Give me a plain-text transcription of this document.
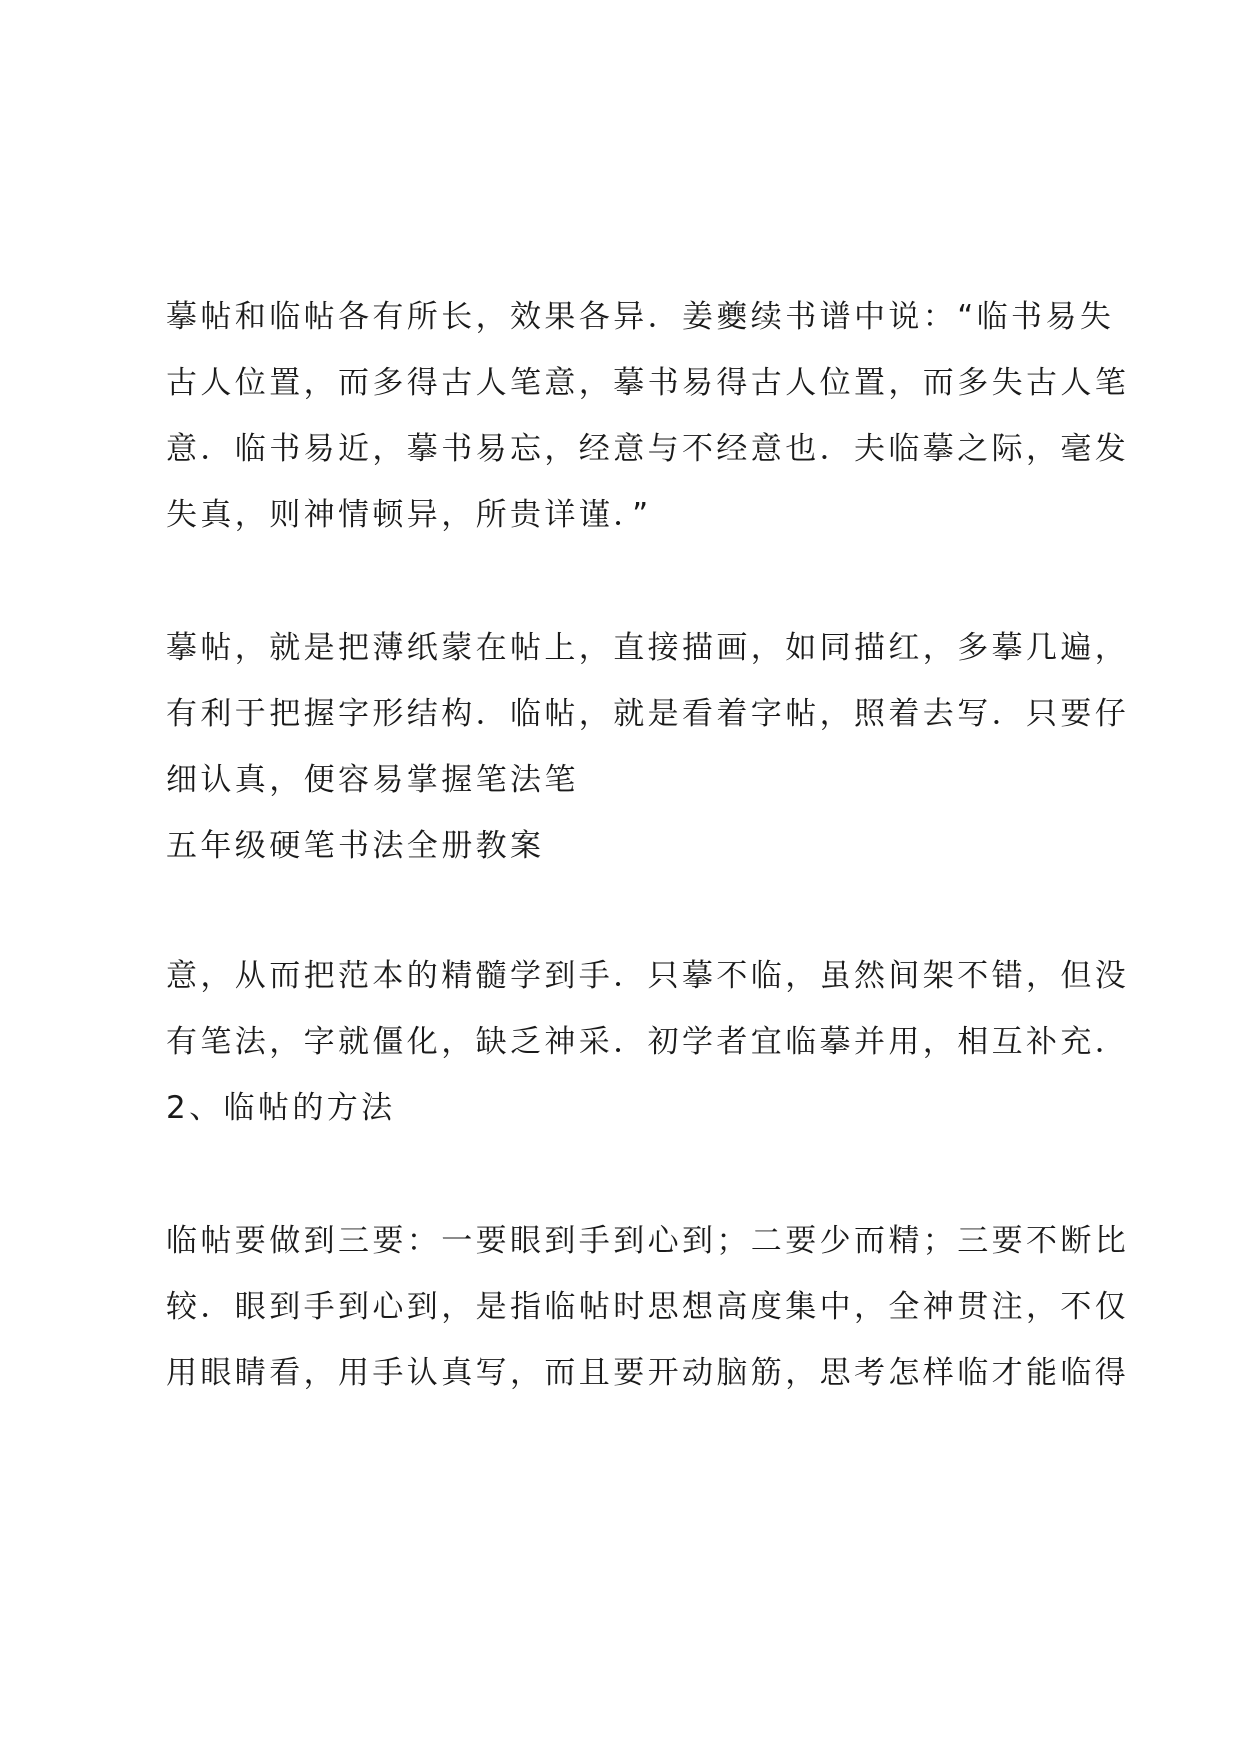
摹帖和临帖各有所长，效果各异．姜夔续书谱中说：“临书易失
古人位置，而多得古人笔意，摹书易得古人位置，而多失古人笔
意．临书易近，摹书易忘，经意与不经意也．夫临摹之际，毫发
失真，则神情顿异，所贵详谨．”

摹帖，就是把薄纸蒙在帖上，直接描画，如同描红，多摹几遍，
有利于把握字形结构．临帖，就是看着字帖，照着去写．只要仔
细认真，便容易掌握笔法笔

五年级硬笔书法全册教案

意，从而把范本的精髓学到手．只摹不临，虽然间架不错，但没
有笔法，字就僵化，缺乏神采．初学者宜临摹并用，相互补充．

2、临帖的方法

临帖要做到三要：一要眼到手到心到；二要少而精；三要不断比
较．眼到手到心到，是指临帖时思想高度集中，全神贯注，不仅
用眼睛看，用手认真写，而且要开动脑筋，思考怎样临才能临得
